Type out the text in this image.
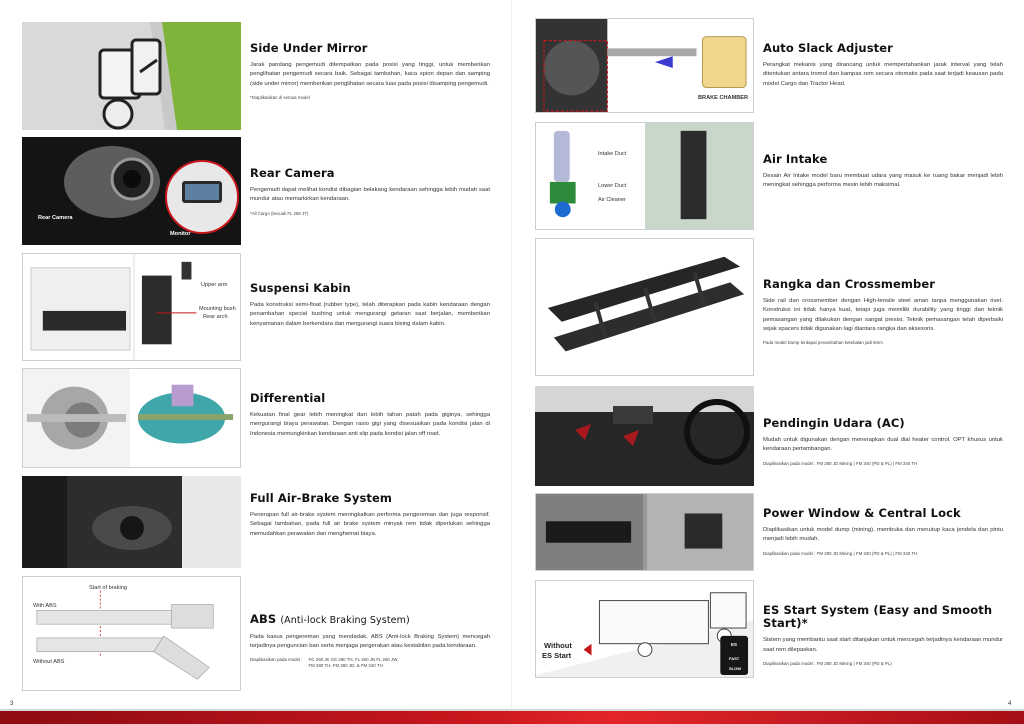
Side Under Mirror
Jarak pandang pengemudi ditempatkan pada posisi yang tinggi, untuk memberikan penglihatan pengemudi secara baik. Sebagai tambahan, kaca spion depan dan samping (side under mirror) memberikan penglihatan secara luas pada posisi disamping pengemudi.
*Diaplikasikan di semua model
Rear Camera
Monitor
Rear Camera
Pengemudi dapat melihat kondisi dibagian belakang kendaraan sehingga lebih mudah saat mundur atau memarkirkan kendaraan.
*All Cargo (kecuali FL 280 JT)
Upper arm
Mounting bush
Rear arch
Suspensi Kabin
Pada konstruksi semi-float (rubber type), telah diterapkan pada kabin kendaraan dengan penambahan special bushing untuk mengurangi getaran saat berjalan, memberikan kenyamanan dalam berkendara dan mengurangi suara bising dalam kabin.
Differential
Kekuatan final gear lebih meningkat dan lebih tahan patah pada giginya, sehingga mengurangi biaya perawatan. Dengan rasio gigi yang disesuaikan pada kondisi jalan di Indonesia memungkinkan kendaraan anti slip pada kondisi jalan off road.
Full Air-Brake System
Penerapan full air-brake system meningkatkan performa pengereman dan juga responsif. Sebagai tambahan, pada full air brake system minyak rem tidak diperlukan sehingga memudahkan perawatan dan menghemat biaya.
Start of braking
With ABS
Without ABS
ABS (Anti-lock Braking System)
Pada kasus pengereman yang mendadak, ABS (Anti-lock Braking System) mencegah terjadinya penguncian ban serta menjaga pergerakan atau kestabilan pada kendaraan.
Diaplikasikan pada model : FG 260 JK SG 280 TH, FL 260 JN FL 260 JW, FM 280 TH, FM 280 JD, & FM 340 TH
3
BRAKE CHAMBER
Auto Slack Adjuster
Perangkat mekanis yang dirancang untuk mempertahankan jarak interval yang telah ditentukan antara tromol dan kampas rem secara otomatis pada saat terjadi keausan pada model Cargo dan Tractor Head.
Intake Duct
Lower Duct
Air Cleaner
Air Intake
Desain Air Intake model baru membuat udara yang masuk ke ruang bakar menjadi lebih meningkat sehingga performa mesin lebih maksimal.
Rangka dan Crossmember
Side rail dan crossmember dengan High-tensile steel aman tanpa menggunakan rivet. Konstruksi ini tidak hanya kuat, tetapi juga memiliki durability yang tinggi dan teknik pemasangan yang dilakukan dengan sangat presisi. Teknik pemasangan telah diperbaiki sejak spacers tidak digunakan lagi diantara rangka dan aksesoris.
Pada model Dump terdapat penambahan ketebalan jadi 8mm
Pendingin Udara (AC)
Mudah untuk digunakan dengan menerapkan dual dial heater control. OPT khusus untuk kendaraan pertambangan.
Diaplikasikan pada model : FM 280 JD Mining | FM 340 (PD & PL) | FM 340 TH
Power Window & Central Lock
Diaplikasikan untuk model dump (mining), membuka dan menutup kaca jendela dan pintu menjadi lebih mudah.
Diaplikasikan pada model : FM 280 JD Mining | FM 340 (PD & PL) | FM 340 TH
Without
ES Start
ES
FAST
SLOW
ES Start System (Easy and Smooth Start)*
Sistem yang membantu saat start ditanjakan untuk mencegah terjadinya kendaraan mundur saat rem dilepaskan.
Diaplikasikan pada model : FM 280 JD Mining | FM 340 (PD & PL)
4
